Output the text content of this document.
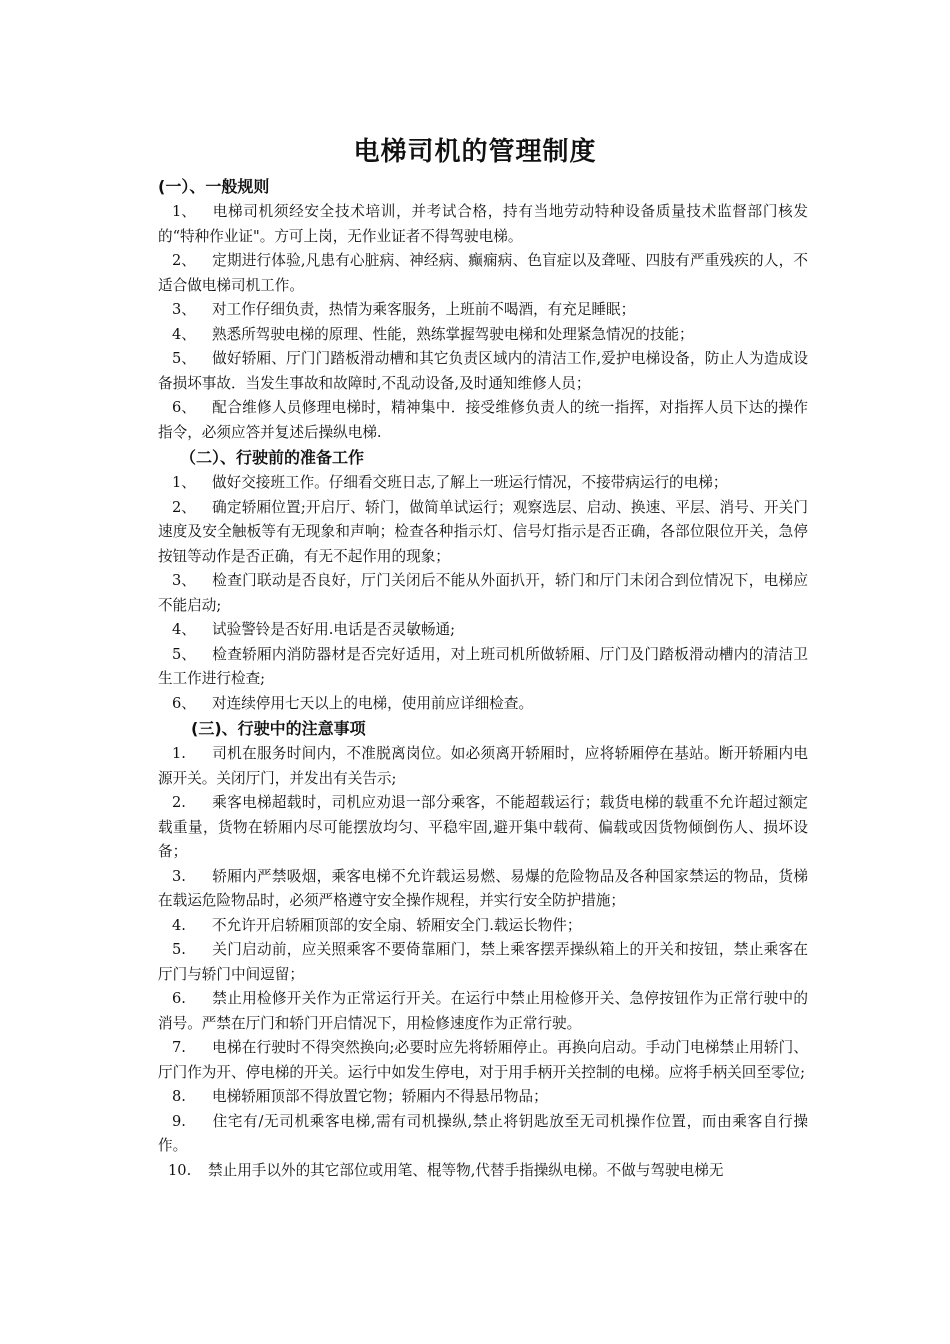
电梯司机的管理制度
(一）、一般规则

1、 电梯司机须经安全技术培训，并考试合格，持有当地劳动特种设备质量技术监督部门核发的“特种作业证"。方可上岗，无作业证者不得驾驶电梯。

2、 定期进行体验,凡患有心脏病、神经病、癫痫病、色盲症以及聋哑、四肢有严重残疾的人，不适合做电梯司机工作。

3、 对工作仔细负责，热情为乘客服务，上班前不喝酒，有充足睡眠；

4、 熟悉所驾驶电梯的原理、性能，熟练掌握驾驶电梯和处理紧急情况的技能；

5、 做好轿厢、厅门门踏板滑动槽和其它负责区域内的清洁工作,爱护电梯设备，防止人为造成设备损坏事故．当发生事故和故障时,不乱动设备,及时通知维修人员；

6、 配合维修人员修理电梯时，精神集中．接受维修负责人的统一指挥，对指挥人员下达的操作指令，必须应答并复述后操纵电梯.

（二）、行驶前的准备工作

1、 做好交接班工作。仔细看交班日志,了解上一班运行情况，不接带病运行的电梯；

2、 确定轿厢位置;开启厅、轿门，做简单试运行；观察选层、启动、换速、平层、消号、开关门速度及安全触板等有无现象和声响；检查各种指示灯、信号灯指示是否正确，各部位限位开关，急停按钮等动作是否正确，有无不起作用的现象；

3、 检查门联动是否良好，厅门关闭后不能从外面扒开，轿门和厅门未闭合到位情况下，电梯应不能启动;

4、 试验警铃是否好用.电话是否灵敏畅通;

5、 检查轿厢内消防器材是否完好适用，对上班司机所做轿厢、厅门及门踏板滑动槽内的清洁卫生工作进行检查;

6、 对连续停用七天以上的电梯，使用前应详细检查。

(三)、行驶中的注意事项

1. 司机在服务时间内，不准脱离岗位。如必须离开轿厢时，应将轿厢停在基站。断开轿厢内电源开关。关闭厅门，并发出有关告示;

2. 乘客电梯超载时，司机应劝退一部分乘客，不能超载运行；载货电梯的载重不允许超过额定载重量，货物在轿厢内尽可能摆放均匀、平稳牢固,避开集中载荷、偏载或因货物倾倒伤人、损坏设备；

3. 轿厢内严禁吸烟，乘客电梯不允许载运易燃、易爆的危险物品及各种国家禁运的物品，货梯在载运危险物品时，必须严格遵守安全操作规程，并实行安全防护措施；

4. 不允许开启轿厢顶部的安全扇、轿厢安全门.载运长物件；

5. 关门启动前，应关照乘客不要倚靠厢门，禁上乘客摆弄操纵箱上的开关和按钮，禁止乘客在厅门与轿门中间逗留；

6. 禁止用检修开关作为正常运行开关。在运行中禁止用检修开关、急停按钮作为正常行驶中的消号。严禁在厅门和轿门开启情况下，用检修速度作为正常行驶。

7. 电梯在行驶时不得突然换向;必要时应先将轿厢停止。再换向启动。手动门电梯禁止用轿门、厅门作为开、停电梯的开关。运行中如发生停电，对于用手柄开关控制的电梯。应将手柄关回至零位;

8. 电梯轿厢顶部不得放置它物；轿厢内不得悬吊物品；

9. 住宅有/无司机乘客电梯,需有司机操纵,禁止将钥匙放至无司机操作位置，而由乘客自行操作。

10. 禁止用手以外的其它部位或用笔、棍等物,代替手指操纵电梯。不做与驾驶电梯无
